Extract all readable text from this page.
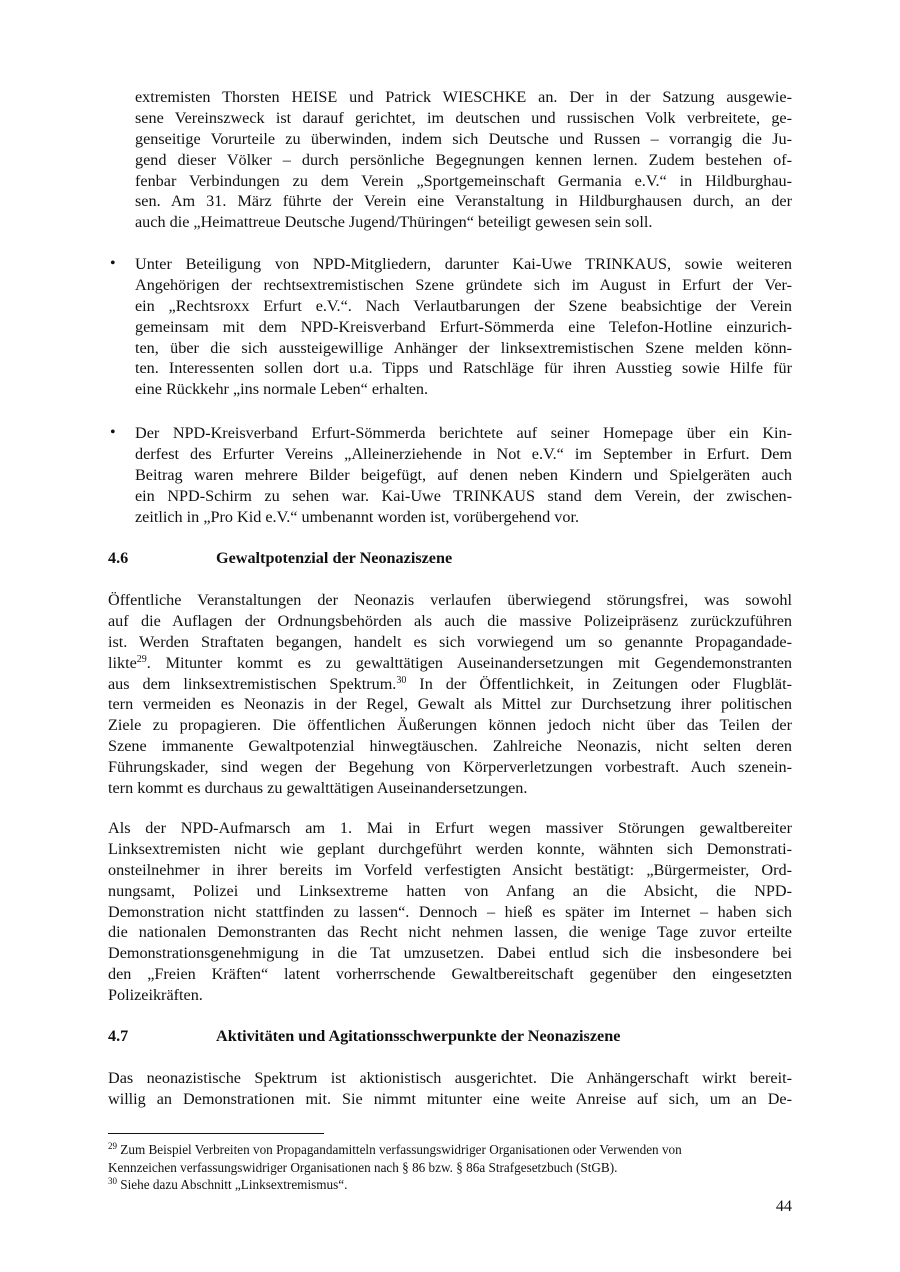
extremisten Thorsten HEISE und Patrick WIESCHKE an. Der in der Satzung ausgewie-
sene Vereinszweck ist darauf gerichtet, im deutschen und russischen Volk verbreitete, ge-
genseitige Vorurteile zu überwinden, indem sich Deutsche und Russen – vorrangig die Ju-
gend dieser Völker – durch persönliche Begegnungen kennen lernen. Zudem bestehen of-
fenbar Verbindungen zu dem Verein „Sportgemeinschaft Germania e.V.“ in Hildburghau-
sen. Am 31. März führte der Verein eine Veranstaltung in Hildburghausen durch, an der
auch die „Heimattreue Deutsche Jugend/Thüringen“ beteiligt gewesen sein soll.
•	Unter Beteiligung von NPD-Mitgliedern, darunter Kai-Uwe TRINKAUS, sowie weiteren
Angehörigen der rechtsextremistischen Szene gründete sich im August in Erfurt der Ver-
ein „Rechtsroxx Erfurt e.V.“. Nach Verlautbarungen der Szene beabsichtige der Verein
gemeinsam mit dem NPD-Kreisverband Erfurt-Sömmerda eine Telefon-Hotline einzurich-
ten, über die sich aussteigewillige Anhänger der linksextremistischen Szene melden könn-
ten. Interessenten sollen dort u.a. Tipps und Ratschläge für ihren Ausstieg sowie Hilfe für
eine Rückkehr „ins normale Leben“ erhalten.
•	Der NPD-Kreisverband Erfurt-Sömmerda berichtete auf seiner Homepage über ein Kin-
derfest des Erfurter Vereins „Alleinerziehende in Not e.V.“ im September in Erfurt. Dem
Beitrag waren mehrere Bilder beigefügt, auf denen neben Kindern und Spielgeräten auch
ein NPD-Schirm zu sehen war. Kai-Uwe TRINKAUS stand dem Verein, der zwischen-
zeitlich in „Pro Kid e.V.“ umbenannt worden ist, vorübergehend vor.
4.6	Gewaltpotenzial der Neonaziszene
Öffentliche Veranstaltungen der Neonazis verlaufen überwiegend störungsfrei, was sowohl
auf die Auflagen der Ordnungsbehörden als auch die massive Polizeipräsenz zurückzuführen
ist. Werden Straftaten begangen, handelt es sich vorwiegend um so genannte Propagandade-
likte$^{29}$. Mitunter kommt es zu gewalttätigen Auseinandersetzungen mit Gegendemonstranten
aus dem linksextremistischen Spektrum.$^{30}$ In der Öffentlichkeit, in Zeitungen oder Flugblät-
tern vermeiden es Neonazis in der Regel, Gewalt als Mittel zur Durchsetzung ihrer politischen
Ziele zu propagieren. Die öffentlichen Äußerungen können jedoch nicht über das Teilen der
Szene immanente Gewaltpotenzial hinwegtäuschen. Zahlreiche Neonazis, nicht selten deren
Führungskader, sind wegen der Begehung von Körperverletzungen vorbestraft. Auch szenein-
tern kommt es durchaus zu gewalttätigen Auseinandersetzungen.
Als der NPD-Aufmarsch am 1. Mai in Erfurt wegen massiver Störungen gewaltbereiter
Linksextremisten nicht wie geplant durchgeführt werden konnte, wähnten sich Demonstrati-
onsteilnehmer in ihrer bereits im Vorfeld verfestigten Ansicht bestätigt: „Bürgermeister, Ord-
nungsamt, Polizei und Linksextreme hatten von Anfang an die Absicht, die NPD-
Demonstration nicht stattfinden zu lassen“. Dennoch – hieß es später im Internet – haben sich
die nationalen Demonstranten das Recht nicht nehmen lassen, die wenige Tage zuvor erteilte
Demonstrationsgenehmigung in die Tat umzusetzen. Dabei entlud sich die insbesondere bei
den „Freien Kräften“ latent vorherrschende Gewaltbereitschaft gegenüber den eingesetzten
Polizeikräften.
4.7	Aktivitäten und Agitationsschwerpunkte der Neonaziszene
Das neonazistische Spektrum ist aktionistisch ausgerichtet. Die Anhängerschaft wirkt bereit-
willig an Demonstrationen mit. Sie nimmt mitunter eine weite Anreise auf sich, um an De-
$^{29}$ Zum Beispiel Verbreiten von Propagandamitteln verfassungswidriger Organisationen oder Verwenden von
Kennzeichen verfassungswidriger Organisationen nach § 86 bzw. § 86a Strafgesetzbuch (StGB).
$^{30}$ Siehe dazu Abschnitt „Linksextremismus“.
44
